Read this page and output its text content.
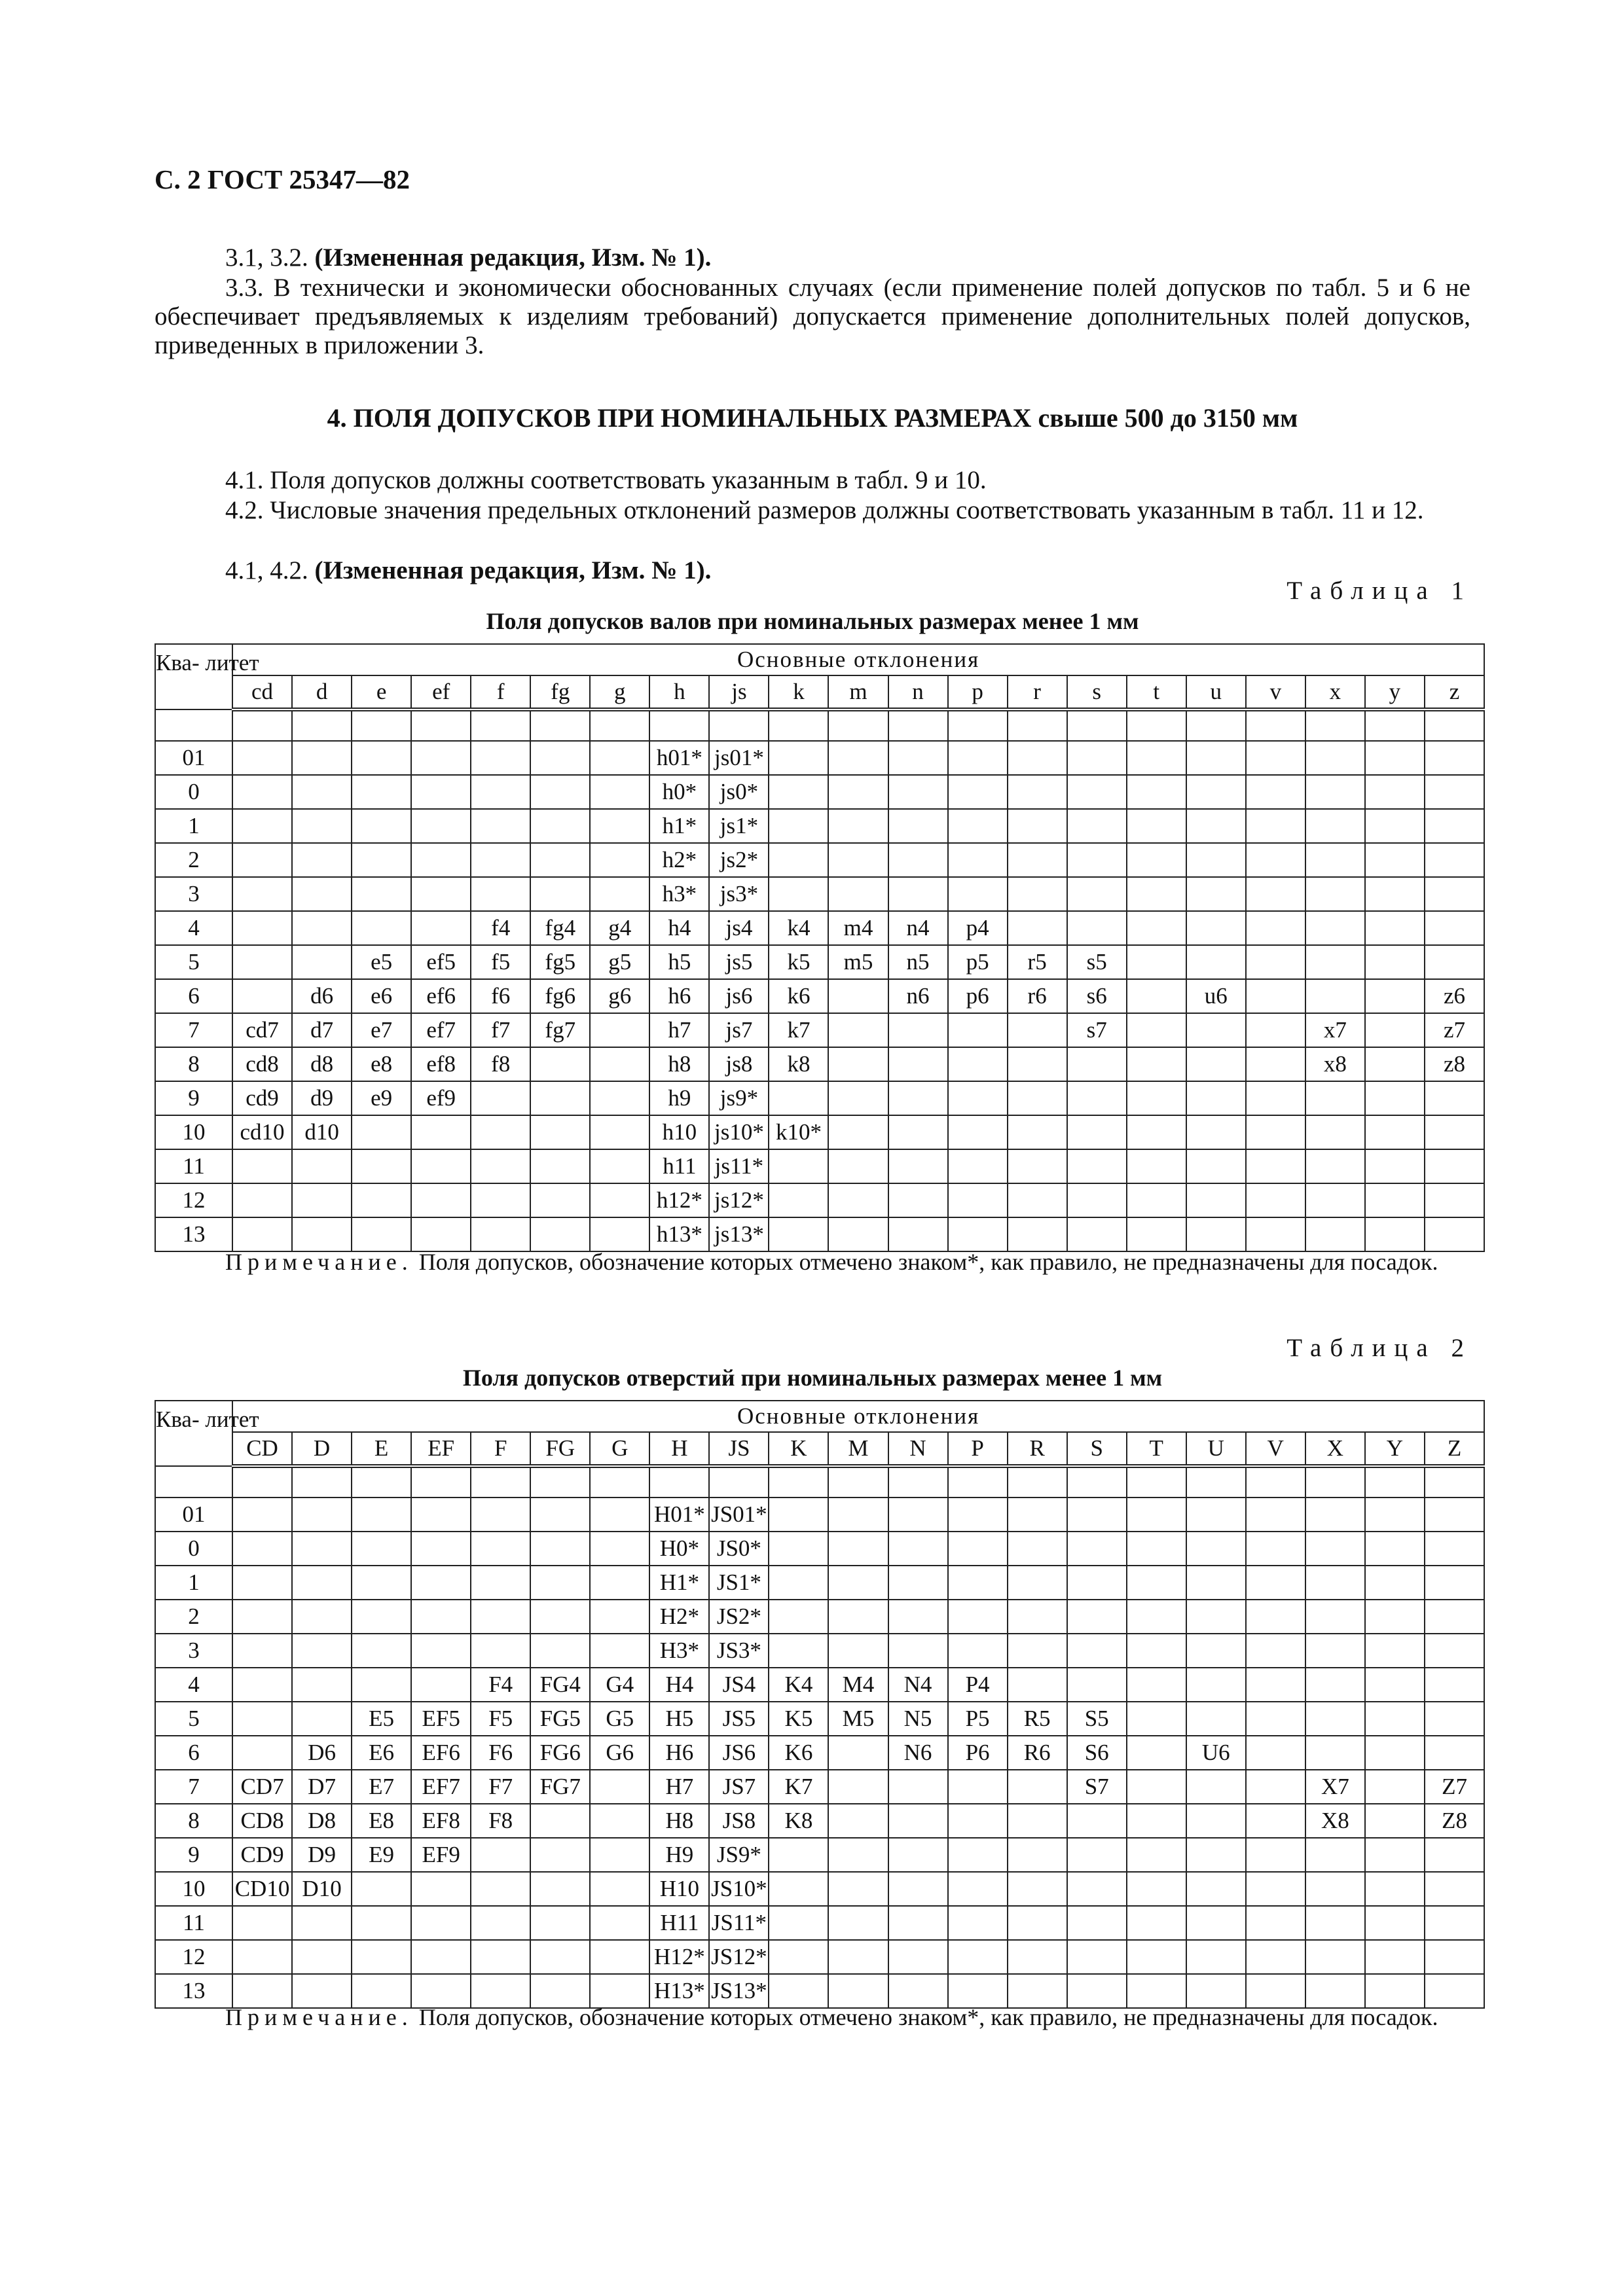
С. 2 ГОСТ 25347—82
3.1, 3.2. (Измененная редакция, Изм. № 1).
3.3. В технически и экономически обоснованных случаях (если применение полей допусков по табл. 5 и 6 не обеспечивает предъявляемых к изделиям требований) допускается применение дополнительных полей допусков, приведенных в приложении 3.
4. ПОЛЯ ДОПУСКОВ ПРИ НОМИНАЛЬНЫХ РАЗМЕРАХ свыше 500 до 3150 мм
4.1. Поля допусков должны соответствовать указанным в табл. 9 и 10.
4.2. Числовые значения предельных отклонений размеров должны соответствовать указанным в табл. 11 и 12.
4.1, 4.2. (Измененная редакция, Изм. № 1).
Таблица 1
Поля допусков валов при номинальных размерах менее 1 мм
Ква- литет	Основные отклонения																				
	cd	d	e	ef	f	fg	g	h	js	k	m	n	p	r	s	t	u	v	x	y	z

01								h01*	js01*												
0								h0*	js0*												
1								h1*	js1*												
2								h2*	js2*												
3								h3*	js3*												
4					f4	fg4	g4	h4	js4	k4	m4	n4	p4								
5			e5	ef5	f5	fg5	g5	h5	js5	k5	m5	n5	p5	r5	s5						
6		d6	e6	ef6	f6	fg6	g6	h6	js6	k6		n6	p6	r6	s6		u6				z6
7	cd7	d7	e7	ef7	f7	fg7		h7	js7	k7					s7				x7		z7
8	cd8	d8	e8	ef8	f8			h8	js8	k8									x8		z8
9	cd9	d9	e9	ef9				h9	js9*												
10	cd10	d10						h10	js10*	k10*											
11								h11	js11*												
12								h12*	js12*												
13								h13*	js13*												
Примечание. Поля допусков, обозначение которых отмечено знаком*, как правило, не предназначены для посадок.
Таблица 2
Поля допусков отверстий при номинальных размерах менее 1 мм
Ква- литет	Основные отклонения																				
	CD	D	E	EF	F	FG	G	H	JS	K	M	N	P	R	S	T	U	V	X	Y	Z

01								H01*	JS01*												
0								H0*	JS0*												
1								H1*	JS1*												
2								H2*	JS2*												
3								H3*	JS3*												
4					F4	FG4	G4	H4	JS4	K4	M4	N4	P4								
5			E5	EF5	F5	FG5	G5	H5	JS5	K5	M5	N5	P5	R5	S5						
6		D6	E6	EF6	F6	FG6	G6	H6	JS6	K6		N6	P6	R6	S6		U6				
7	CD7	D7	E7	EF7	F7	FG7		H7	JS7	K7					S7				X7		Z7
8	CD8	D8	E8	EF8	F8			H8	JS8	K8									X8		Z8
9	CD9	D9	E9	EF9				H9	JS9*												
10	CD10	D10						H10	JS10*												
11								H11	JS11*												
12								H12*	JS12*												
13								H13*	JS13*												
Примечание. Поля допусков, обозначение которых отмечено знаком*, как правило, не предназначены для посадок.
